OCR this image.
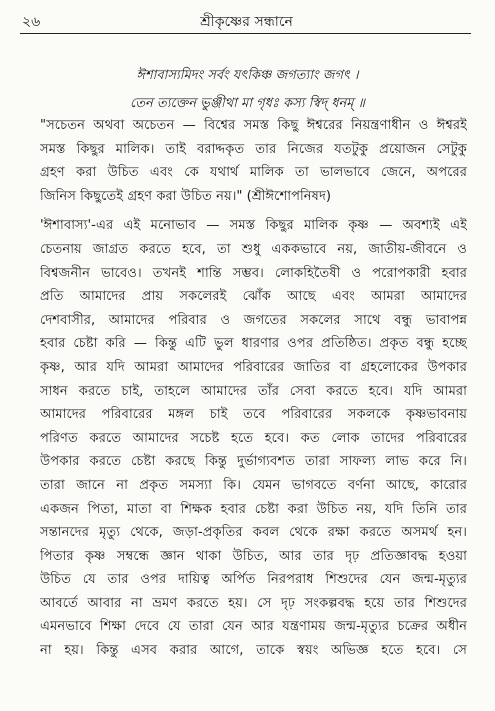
২৬	শ্রীকৃষ্ণের সন্ধানে
ঈশাবাস্যমিদং সর্বং যৎকিঞ্চ জগত্যাং জগৎ ।
তেন ত্যক্তেন ভুঞ্জীথা মা গৃধঃ কস্য স্বিদ্‌ ধনম্‌ ॥
"সচেতন অথবা অচেতন — বিশ্বের সমস্ত কিছু ঈশ্বরের নিয়ন্ত্রণাধীন ও ঈশ্বরই
সমস্ত কিছুর মালিক। তাই বরাদ্দকৃত তার নিজের যতটুকু প্রয়োজন সেটুকু
গ্রহণ করা উচিত এবং কে যথার্থ মালিক তা ভালভাবে জেনে, অপরের
জিনিস কিছুতেই গ্রহণ করা উচিত নয়।" (শ্রীঈশোপনিষদ)
'ঈশাবাস্য'-এর এই মনোভাব — সমস্ত কিছুর মালিক কৃষ্ণ — অবশ্যই এই
চেতনায় জাগ্রত করতে হবে, তা শুধু এককভাবে নয়, জাতীয়-জীবনে ও
বিশ্বজনীন ভাবেও। তখনই শান্তি সম্ভব। লোকহিতৈষী ও পরোপকারী হবার
প্রতি আমাদের প্রায় সকলেরই ঝোঁক আছে এবং আমরা আমাদের
দেশবাসীর, আমাদের পরিবার ও জগতের সকলের সাথে বন্ধু ভাবাপন্ন
হবার চেষ্টা করি — কিন্তু এটি ভুল ধারণার ওপর প্রতিষ্ঠিত। প্রকৃত বন্ধু হচ্ছে
কৃষ্ণ, আর যদি আমরা আমাদের পরিবারের জাতির বা গ্রহলোকের উপকার
সাধন করতে চাই, তাহলে আমাদের তাঁর সেবা করতে হবে। যদি আমরা
আমাদের পরিবারের মঙ্গল চাই তবে পরিবারের সকলকে কৃষ্ণভাবনায়
পরিণত করতে আমাদের সচেষ্ট হতে হবে। কত লোক তাদের পরিবারের
উপকার করতে চেষ্টা করছে কিন্তু দুর্ভাগ্যবশত তারা সাফল্য লাভ করে নি।
তারা জানে না প্রকৃত সমস্যা কি। যেমন ভাগবতে বর্ণনা আছে, কারোর
একজন পিতা, মাতা বা শিক্ষক হবার চেষ্টা করা উচিত নয়, যদি তিনি তার
সন্তানদের মৃত্যু থেকে, জড়া-প্রকৃতির কবল থেকে রক্ষা করতে অসমর্থ হন।
পিতার কৃষ্ণ সম্বন্ধে জ্ঞান থাকা উচিত, আর তার দৃঢ় প্রতিজ্ঞাবদ্ধ হওয়া
উচিত যে তার ওপর দায়িত্ব অর্পিত নিরপরাধ শিশুদের যেন জন্ম-মৃত্যুর
আবর্তে আবার না ভ্রমণ করতে হয়। সে দৃঢ় সংকল্পবদ্ধ হয়ে তার শিশুদের
এমনভাবে শিক্ষা দেবে যে তারা যেন আর যন্ত্রণাময় জন্ম-মৃত্যুর চক্রের অধীন
না হয়। কিন্তু এসব করার আগে, তাকে স্বয়ং অভিজ্ঞ হতে হবে। সে
